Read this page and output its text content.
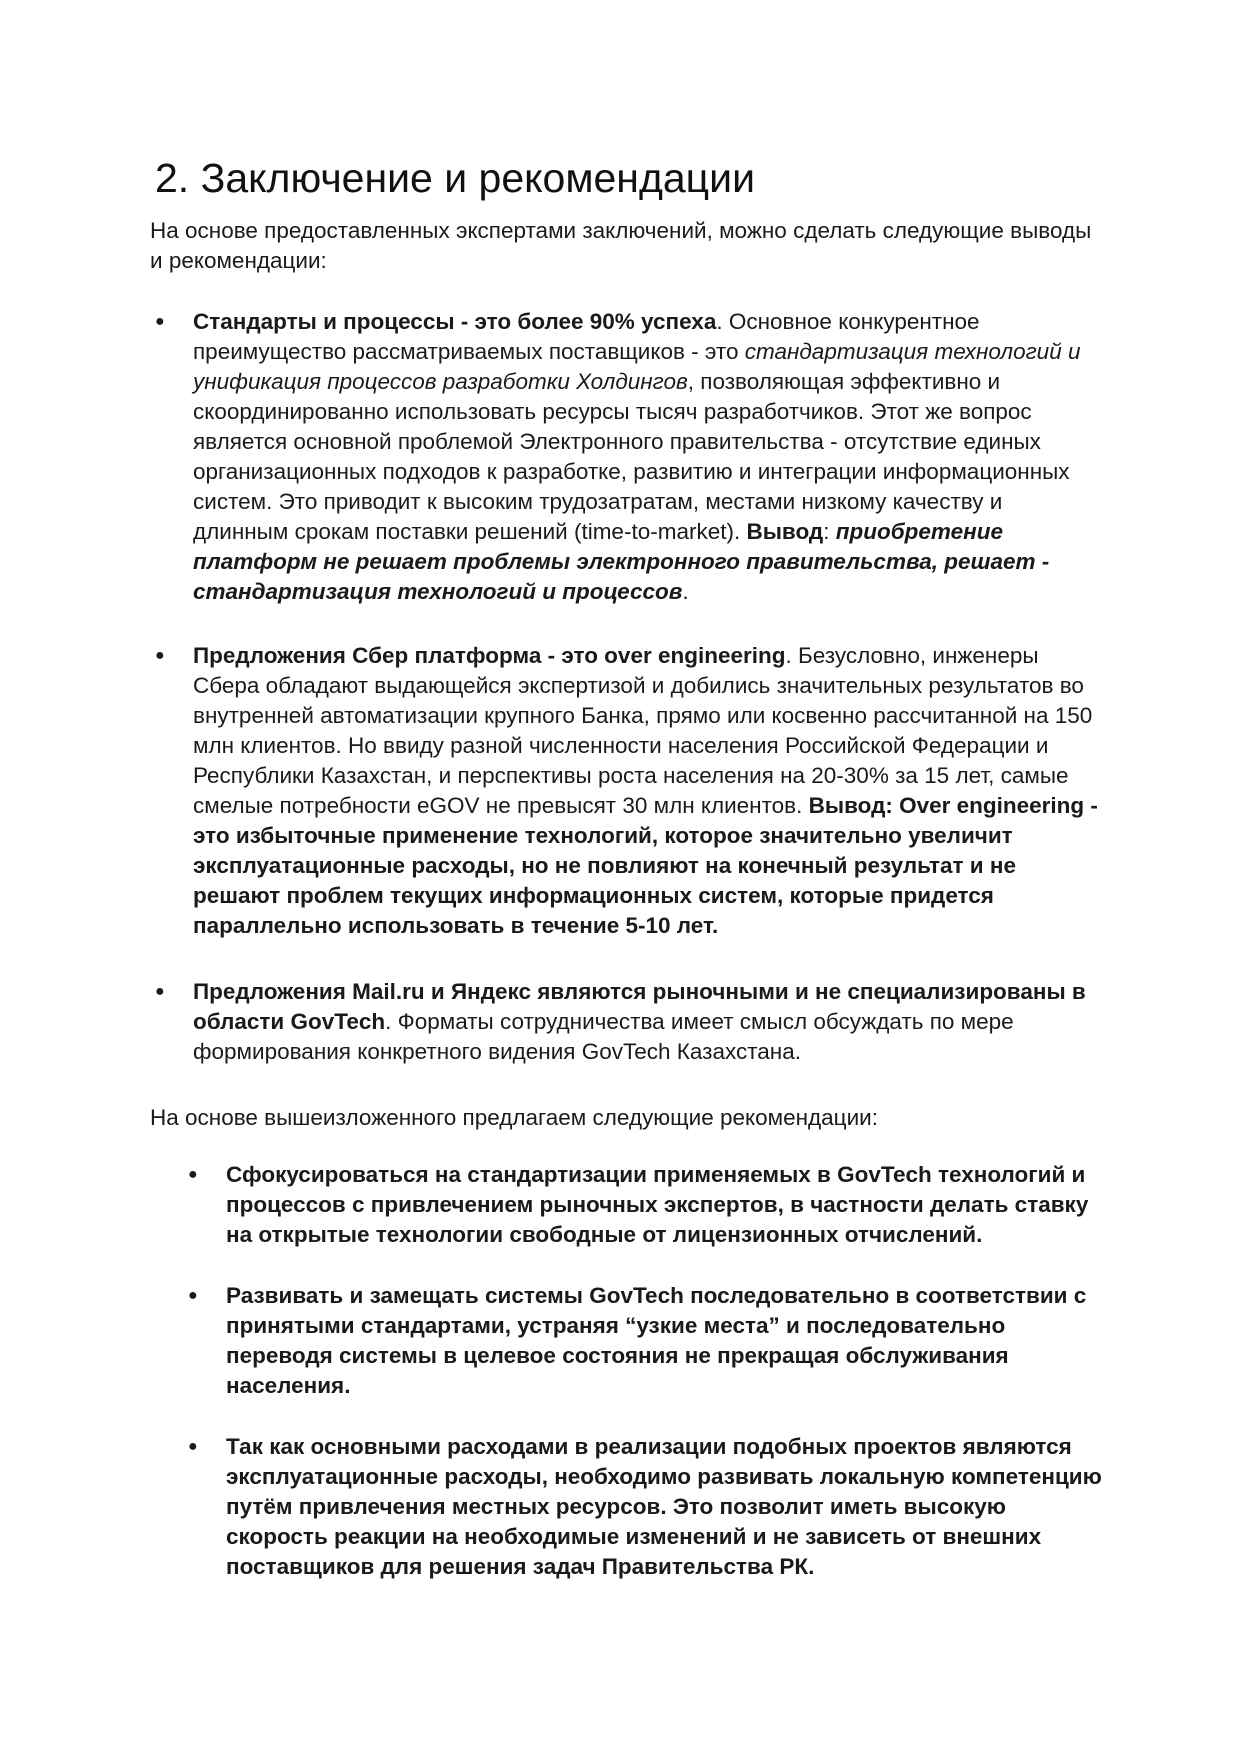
2. Заключение и рекомендации

На основе предоставленных экспертами заключений, можно сделать следующие выводы и рекомендации:

● Стандарты и процессы - это более 90% успеха. Основное конкурентное преимущество рассматриваемых поставщиков - это стандартизация технологий и унификация процессов разработки Холдингов, позволяющая эффективно и скоординированно использовать ресурсы тысяч разработчиков. Этот же вопрос является основной проблемой Электронного правительства - отсутствие единых организационных подходов к разработке, развитию и интеграции информационных систем. Это приводит к высоким трудозатратам, местами низкому качеству и длинным срокам поставки решений (time-to-market). Вывод: приобретение платформ не решает проблемы электронного правительства, решает - стандартизация технологий и процессов.
● Предложения Сбер платформа - это over engineering. Безусловно, инженеры Сбера обладают выдающейся экспертизой и добились значительных результатов во внутренней автоматизации крупного Банка, прямо или косвенно рассчитанной на 150 млн клиентов. Но ввиду разной численности населения Российской Федерации и Республики Казахстан, и перспективы роста населения на 20-30% за 15 лет, самые смелые потребности eGOV не превысят 30 млн клиентов. Вывод: Over engineering - это избыточные применение технологий, которое значительно увеличит эксплуатационные расходы, но не повлияют на конечный результат и не решают проблем текущих информационных систем, которые придется параллельно использовать в течение 5-10 лет.
● Предложения Mail.ru и Яндекс являются рыночными и не специализированы в области GovTech. Форматы сотрудничества имеет смысл обсуждать по мере формирования конкретного видения GovTech Казахстана.

На основе вышеизложенного предлагаем следующие рекомендации:

● Сфокусироваться на стандартизации применяемых в GovTech технологий и процессов с привлечением рыночных экспертов, в частности делать ставку на открытые технологии свободные от лицензионных отчислений.
● Развивать и замещать системы GovTech последовательно в соответствии с принятыми стандартами, устраняя “узкие места” и последовательно переводя системы в целевое состояния не прекращая обслуживания населения.
● Так как основными расходами в реализации подобных проектов являются эксплуатационные расходы, необходимо развивать локальную компетенцию путём привлечения местных ресурсов. Это позволит иметь высокую скорость реакции на необходимые изменений и не зависеть от внешних поставщиков для решения задач Правительства РК.
